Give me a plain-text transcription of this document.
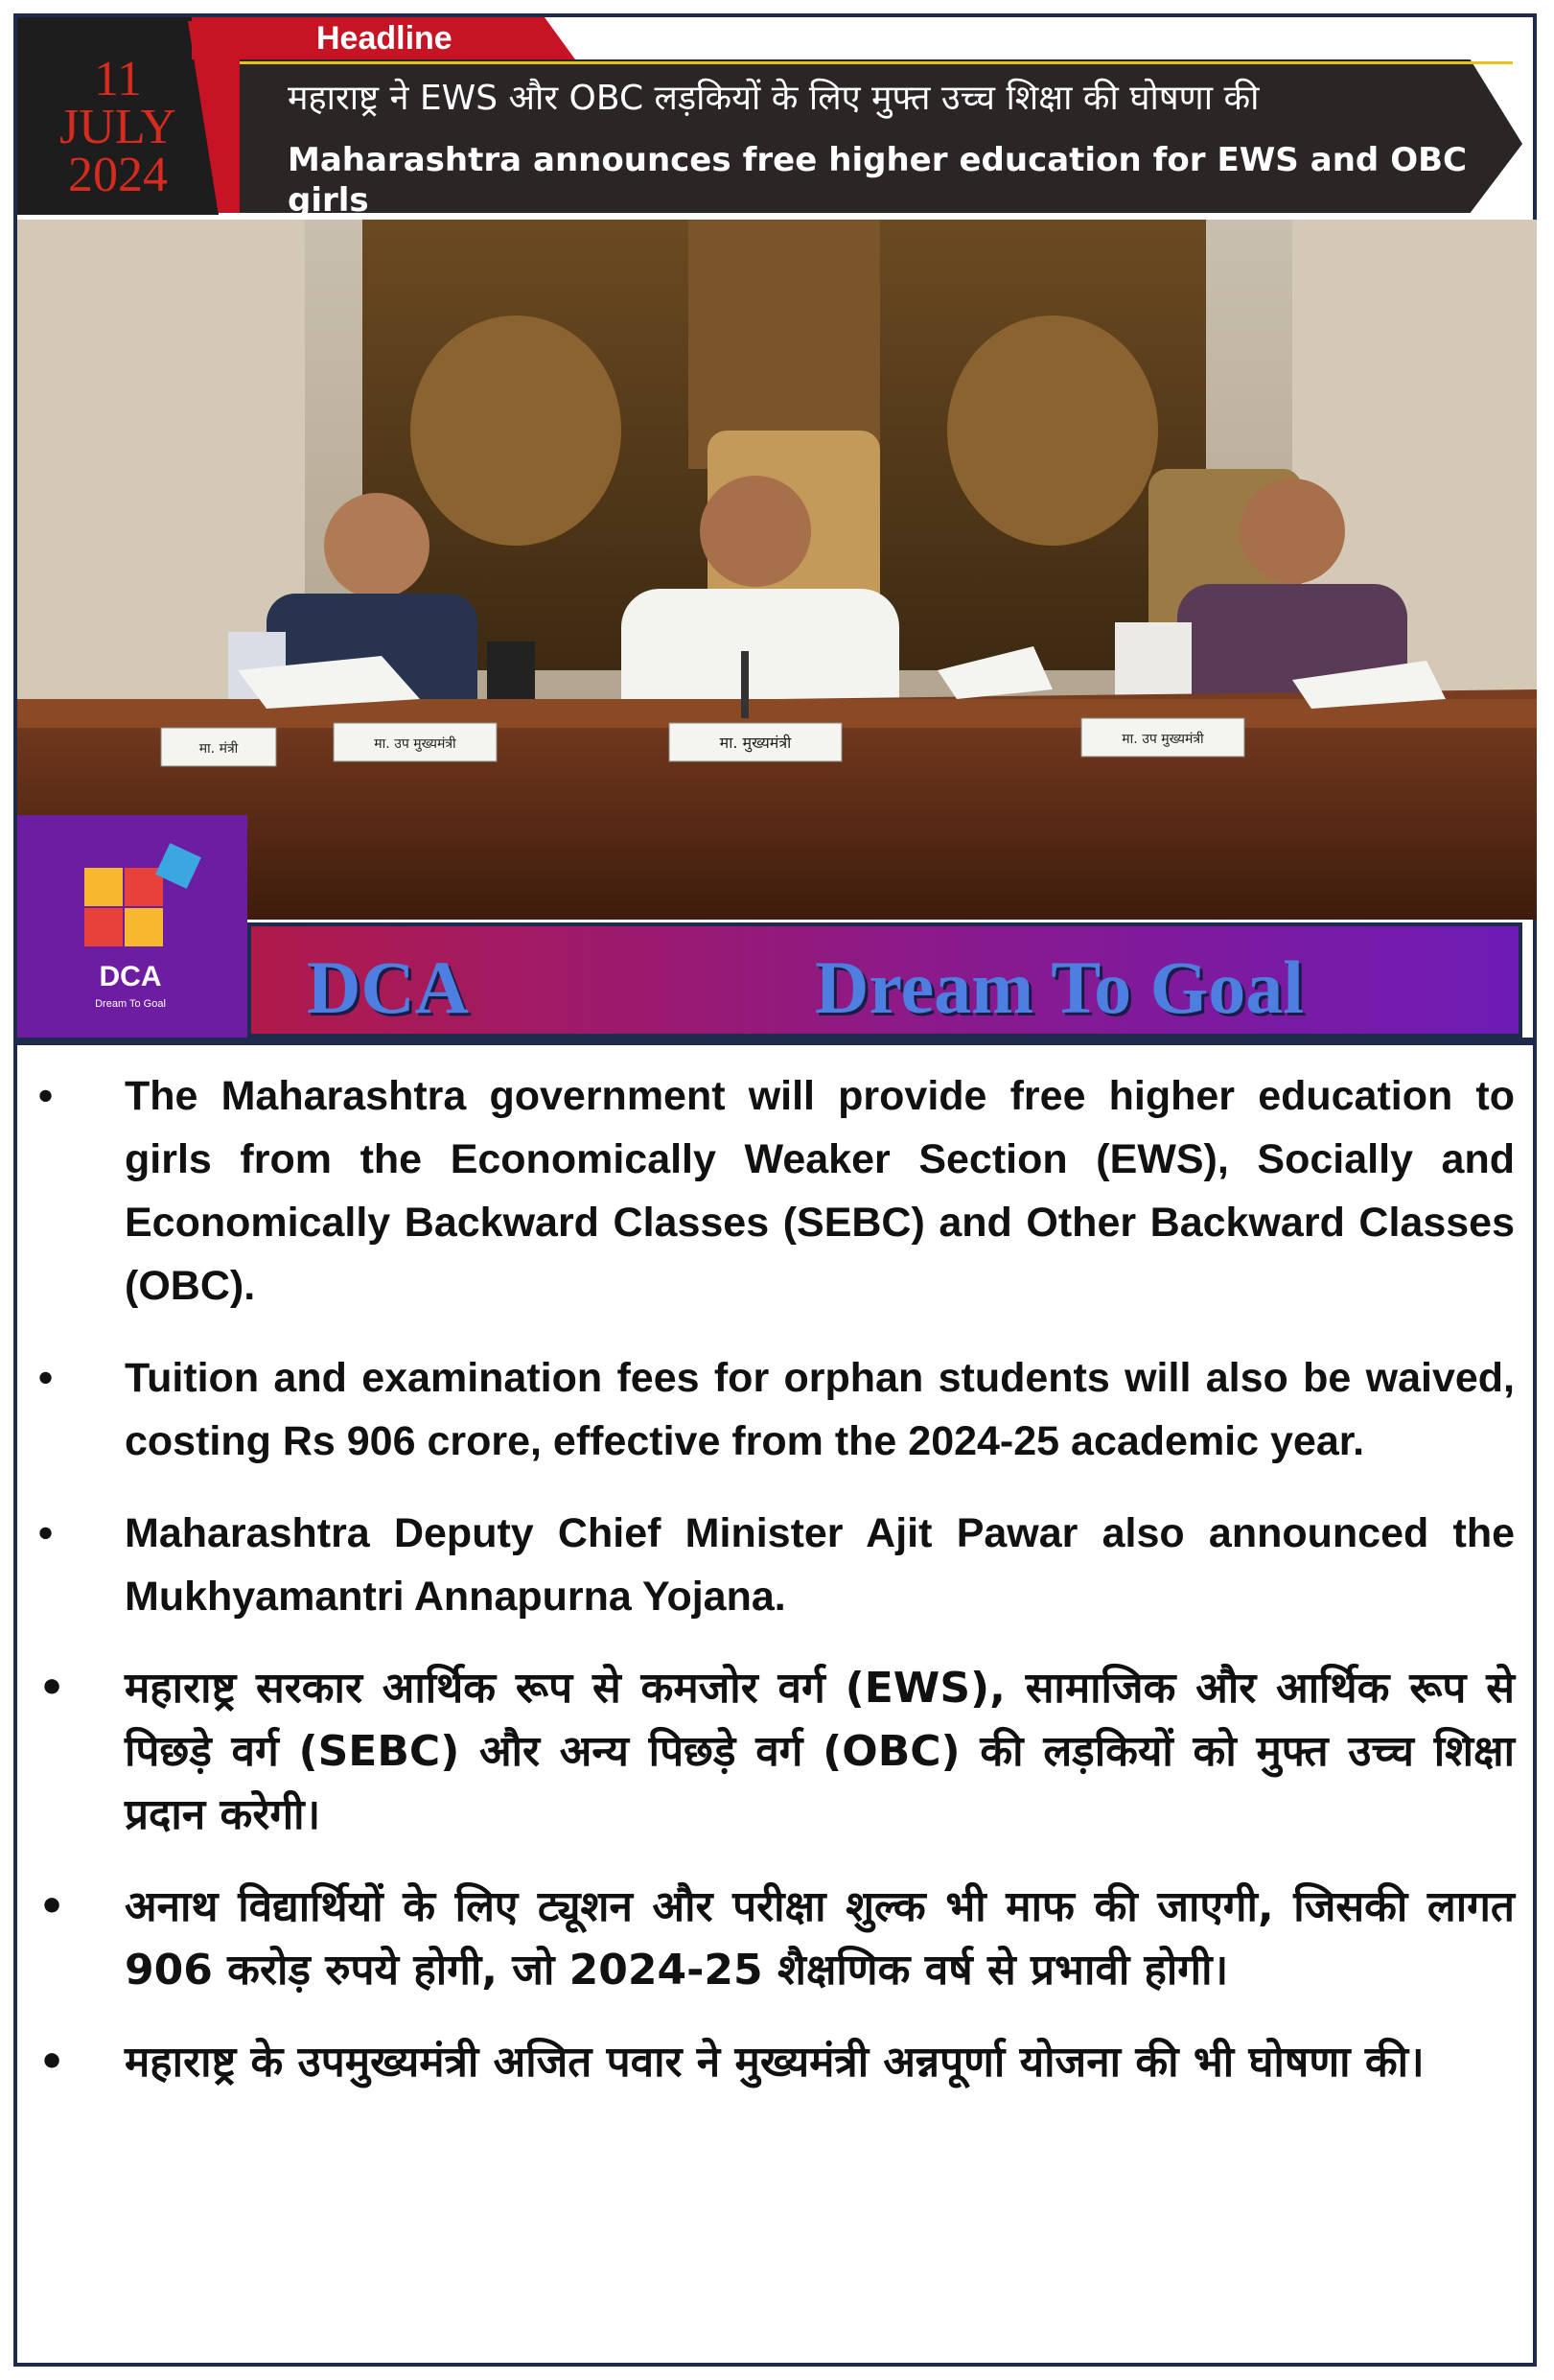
11
JULY
2024
Headline
महाराष्ट्र ने EWS और OBC लड़कियों के लिए मुफ्त उच्च शिक्षा की घोषणा की
Maharashtra announces free higher education for EWS and OBC girls
मा. मंत्री	मा. उप मुख्यमंत्री	मा. मुख्यमंत्री	मा. उप मुख्यमंत्री
DCA
Dream To Goal DCA	Dream To Goal

• The Maharashtra government will provide free higher education to girls from the Economically Weaker Section (EWS), Socially and Economically Backward Classes (SEBC) and Other Backward Classes (OBC).

• Tuition and examination fees for orphan students will also be waived, costing Rs 906 crore, effective from the 2024-25 academic year.

• Maharashtra Deputy Chief Minister Ajit Pawar also announced the Mukhyamantri Annapurna Yojana.

• महाराष्ट्र सरकार आर्थिक रूप से कमजोर वर्ग (EWS), सामाजिक और आर्थिक रूप से पिछड़े वर्ग (SEBC) और अन्य पिछड़े वर्ग (OBC) की लड़कियों को मुफ्त उच्च शिक्षा प्रदान करेगी।

• अनाथ विद्यार्थियों के लिए ट्यूशन और परीक्षा शुल्क भी माफ की जाएगी, जिसकी लागत 906 करोड़ रुपये होगी, जो 2024-25 शैक्षणिक वर्ष से प्रभावी होगी।

• महाराष्ट्र के उपमुख्यमंत्री अजित पवार ने मुख्यमंत्री अन्नपूर्णा योजना की भी घोषणा की।
